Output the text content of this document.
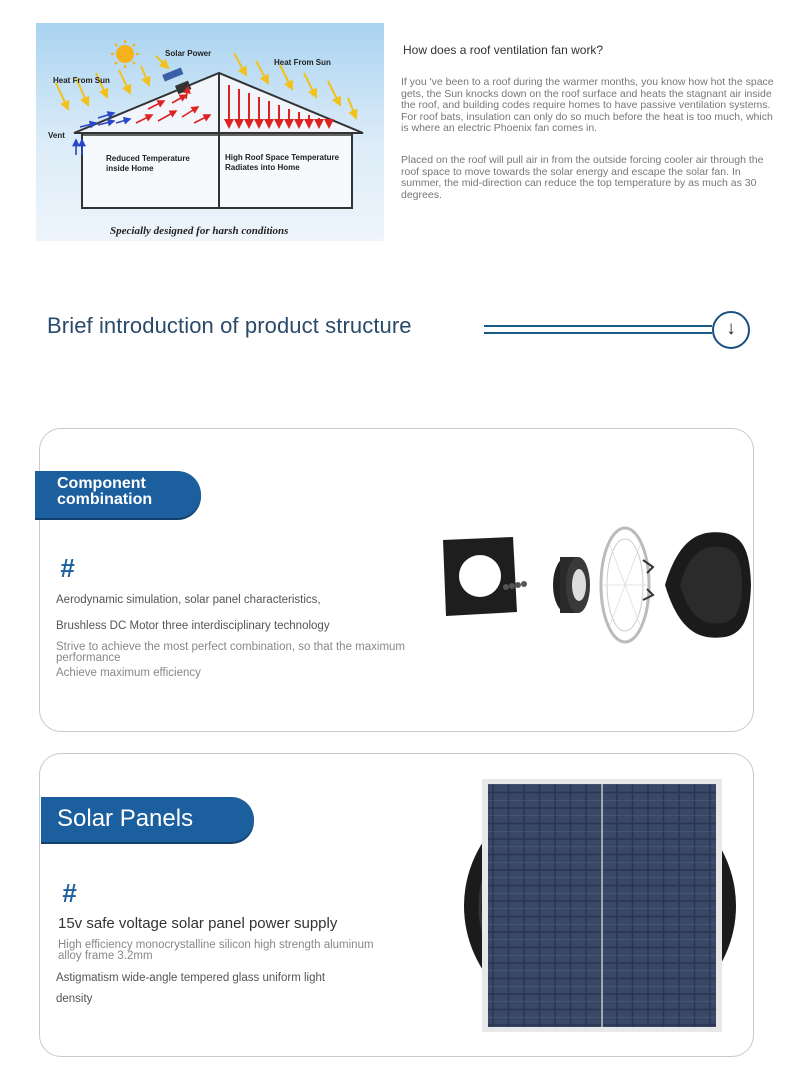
Solar Power
Heat From Sun
Heat From Sun
Vent
Reduced Temperature
inside Home
High Roof Space Temperature
Radiates into Home
Specially designed for harsh conditions
How does a roof ventilation fan work?
If you 've been to a roof during the warmer months, you know how hot the space gets, the Sun knocks down on the roof surface and heats the stagnant air inside the roof, and building codes require homes to have passive ventilation systems. For roof bats, insulation can only do so much before the heat is too much, which is where an electric Phoenix fan comes in.
Placed on the roof will pull air in from the outside forcing cooler air through the roof space to move towards the solar energy and escape the solar fan. In summer, the mid-direction can reduce the top temperature by as much as 30 degrees.
Brief introduction of product structure	↓
Component
combination
#
Aerodynamic simulation, solar panel characteristics,
Brushless DC Motor three interdisciplinary technology
Strive to achieve the most perfect combination, so that the maximum performance
Achieve maximum efficiency
Solar Panels
#
15v safe voltage solar panel power supply
High efficiency monocrystalline silicon high strength aluminum alloy frame 3.2mm
Astigmatism wide-angle tempered glass uniform light
density
